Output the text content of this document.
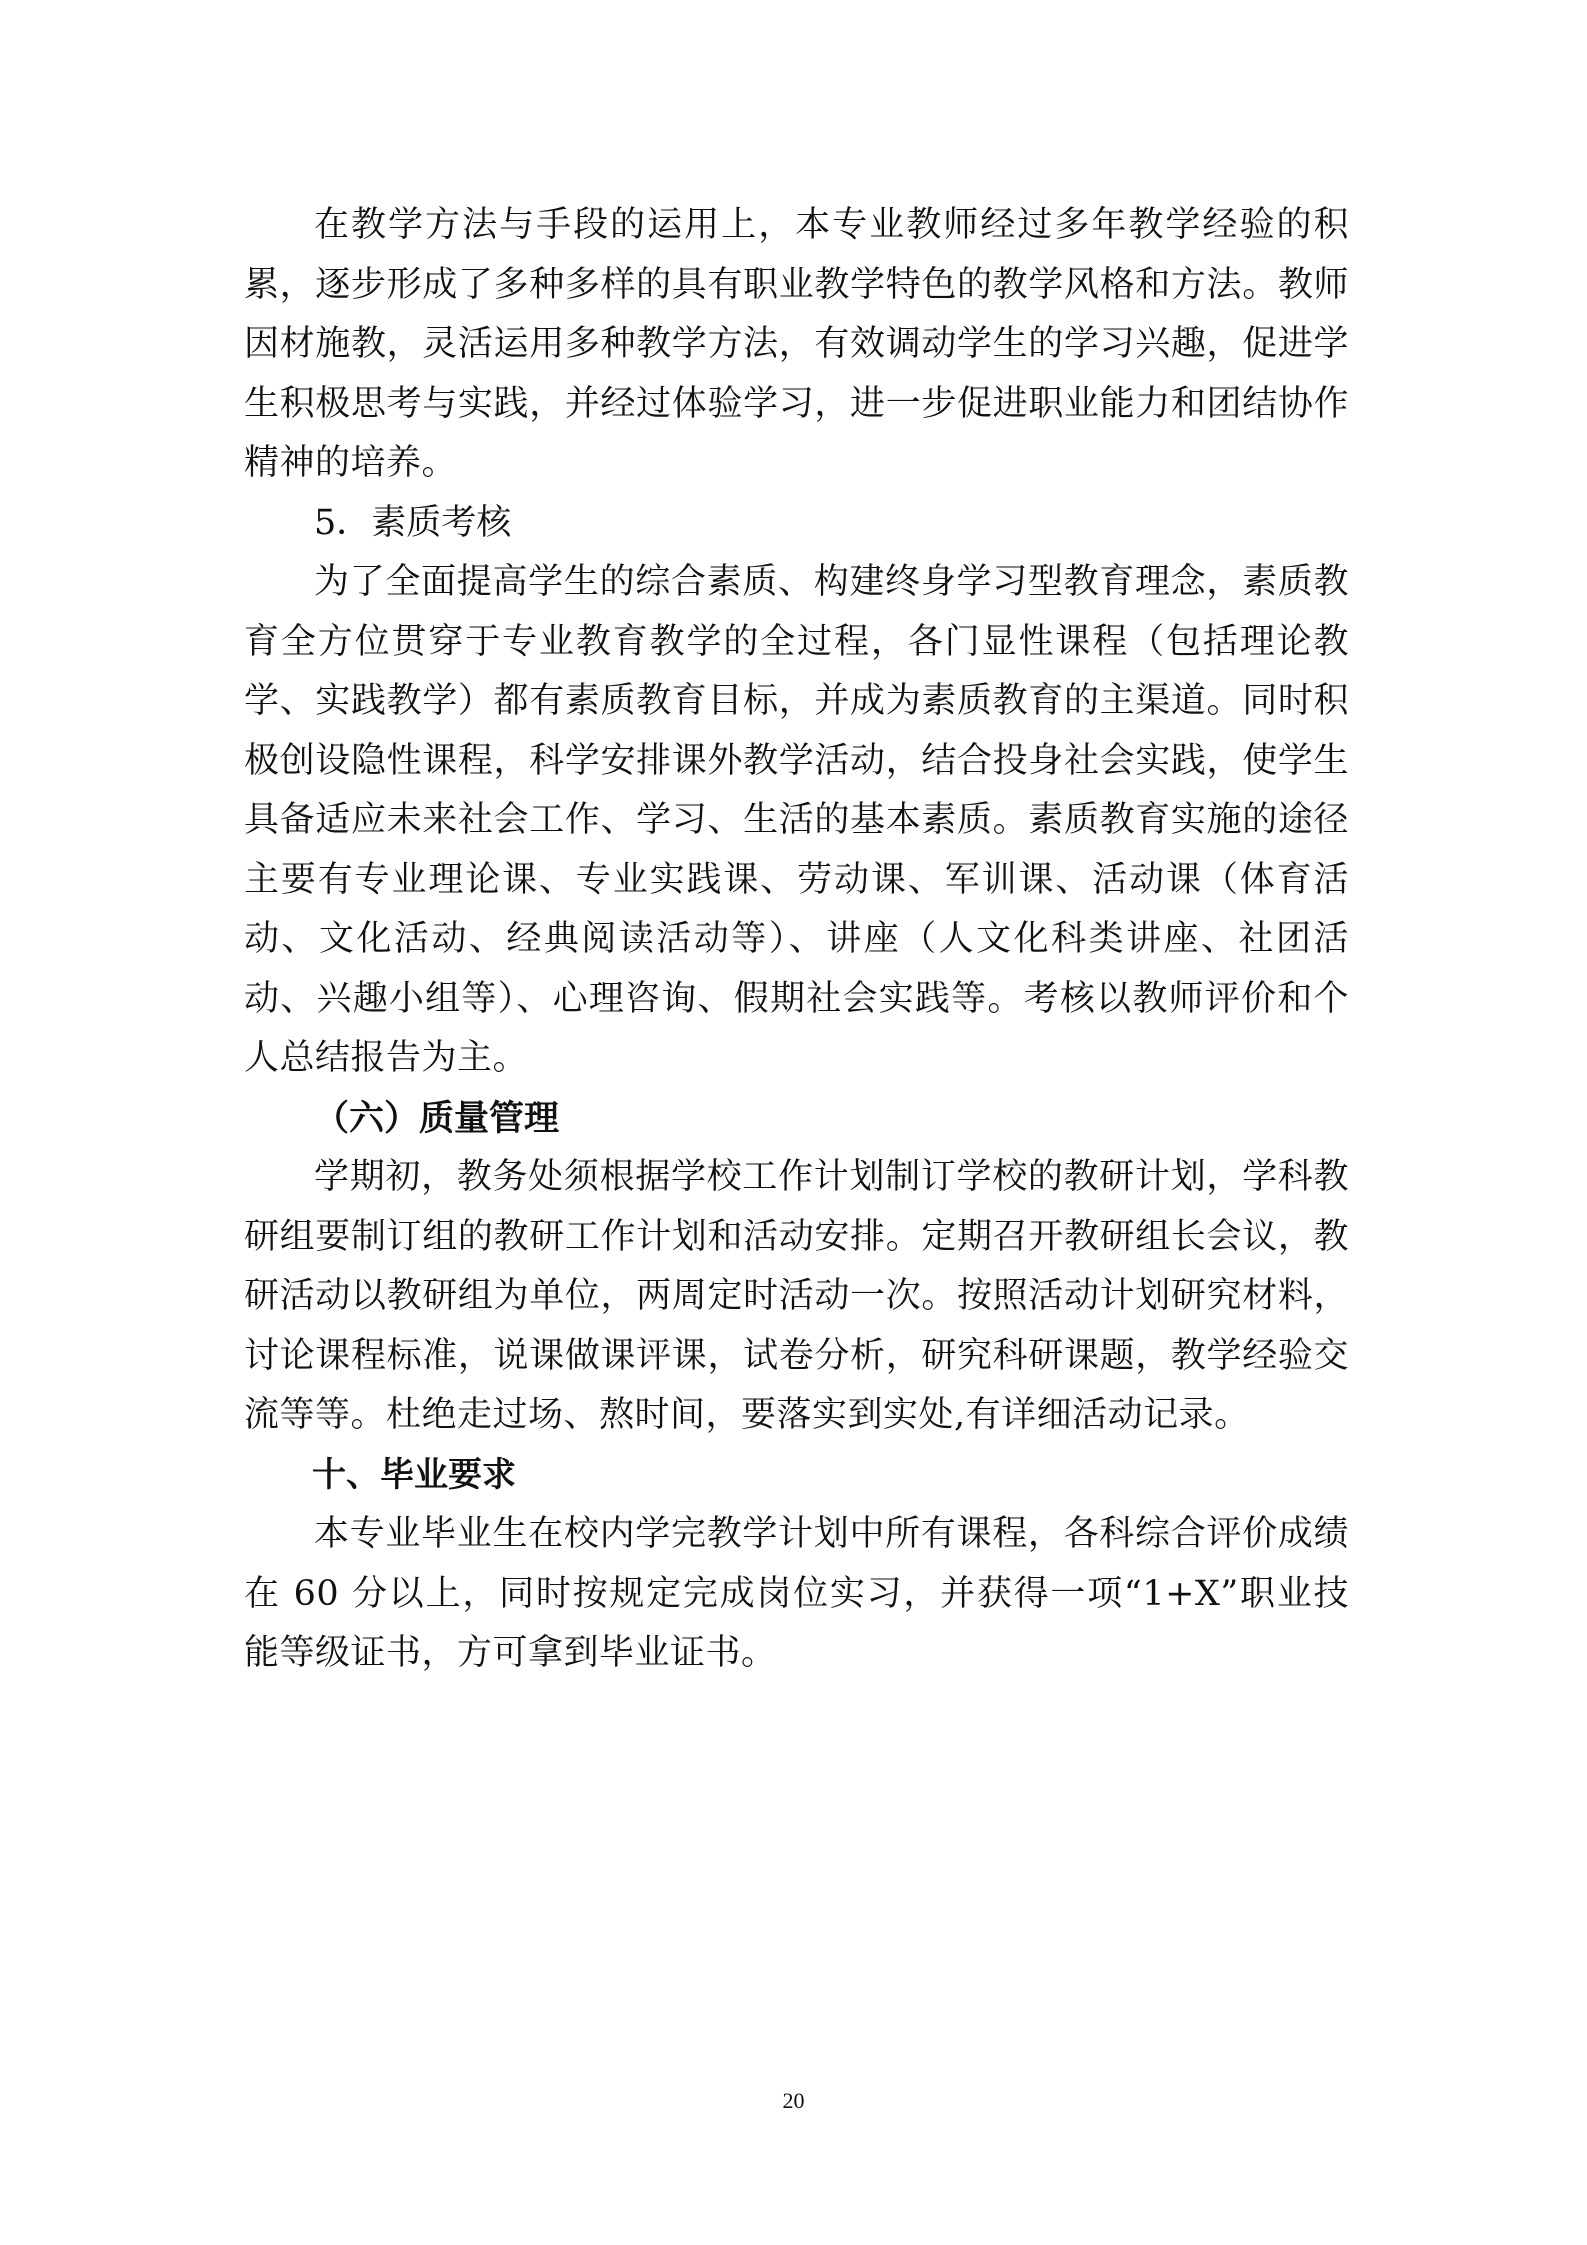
在教学方法与手段的运用上，本专业教师经过多年教学经验的积累，逐步形成了多种多样的具有职业教学特色的教学风格和方法。教师因材施教，灵活运用多种教学方法，有效调动学生的学习兴趣，促进学生积极思考与实践，并经过体验学习，进一步促进职业能力和团结协作精神的培养。

5．素质考核

为了全面提高学生的综合素质、构建终身学习型教育理念，素质教育全方位贯穿于专业教育教学的全过程，各门显性课程（包括理论教学、实践教学）都有素质教育目标，并成为素质教育的主渠道。同时积极创设隐性课程，科学安排课外教学活动，结合投身社会实践，使学生具备适应未来社会工作、学习、生活的基本素质。素质教育实施的途径主要有专业理论课、专业实践课、劳动课、军训课、活动课（体育活动、文化活动、经典阅读活动等）、讲座（人文化科类讲座、社团活动、兴趣小组等）、心理咨询、假期社会实践等。考核以教师评价和个人总结报告为主。

（六）质量管理

学期初，教务处须根据学校工作计划制订学校的教研计划，学科教研组要制订组的教研工作计划和活动安排。定期召开教研组长会议，教研活动以教研组为单位，两周定时活动一次。按照活动计划研究材料，讨论课程标准，说课做课评课，试卷分析，研究科研课题，教学经验交流等等。杜绝走过场、熬时间，要落实到实处,有详细活动记录。

十、毕业要求

本专业毕业生在校内学完教学计划中所有课程，各科综合评价成绩在 60 分以上，同时按规定完成岗位实习，并获得一项“1+X”职业技能等级证书，方可拿到毕业证书。

20
